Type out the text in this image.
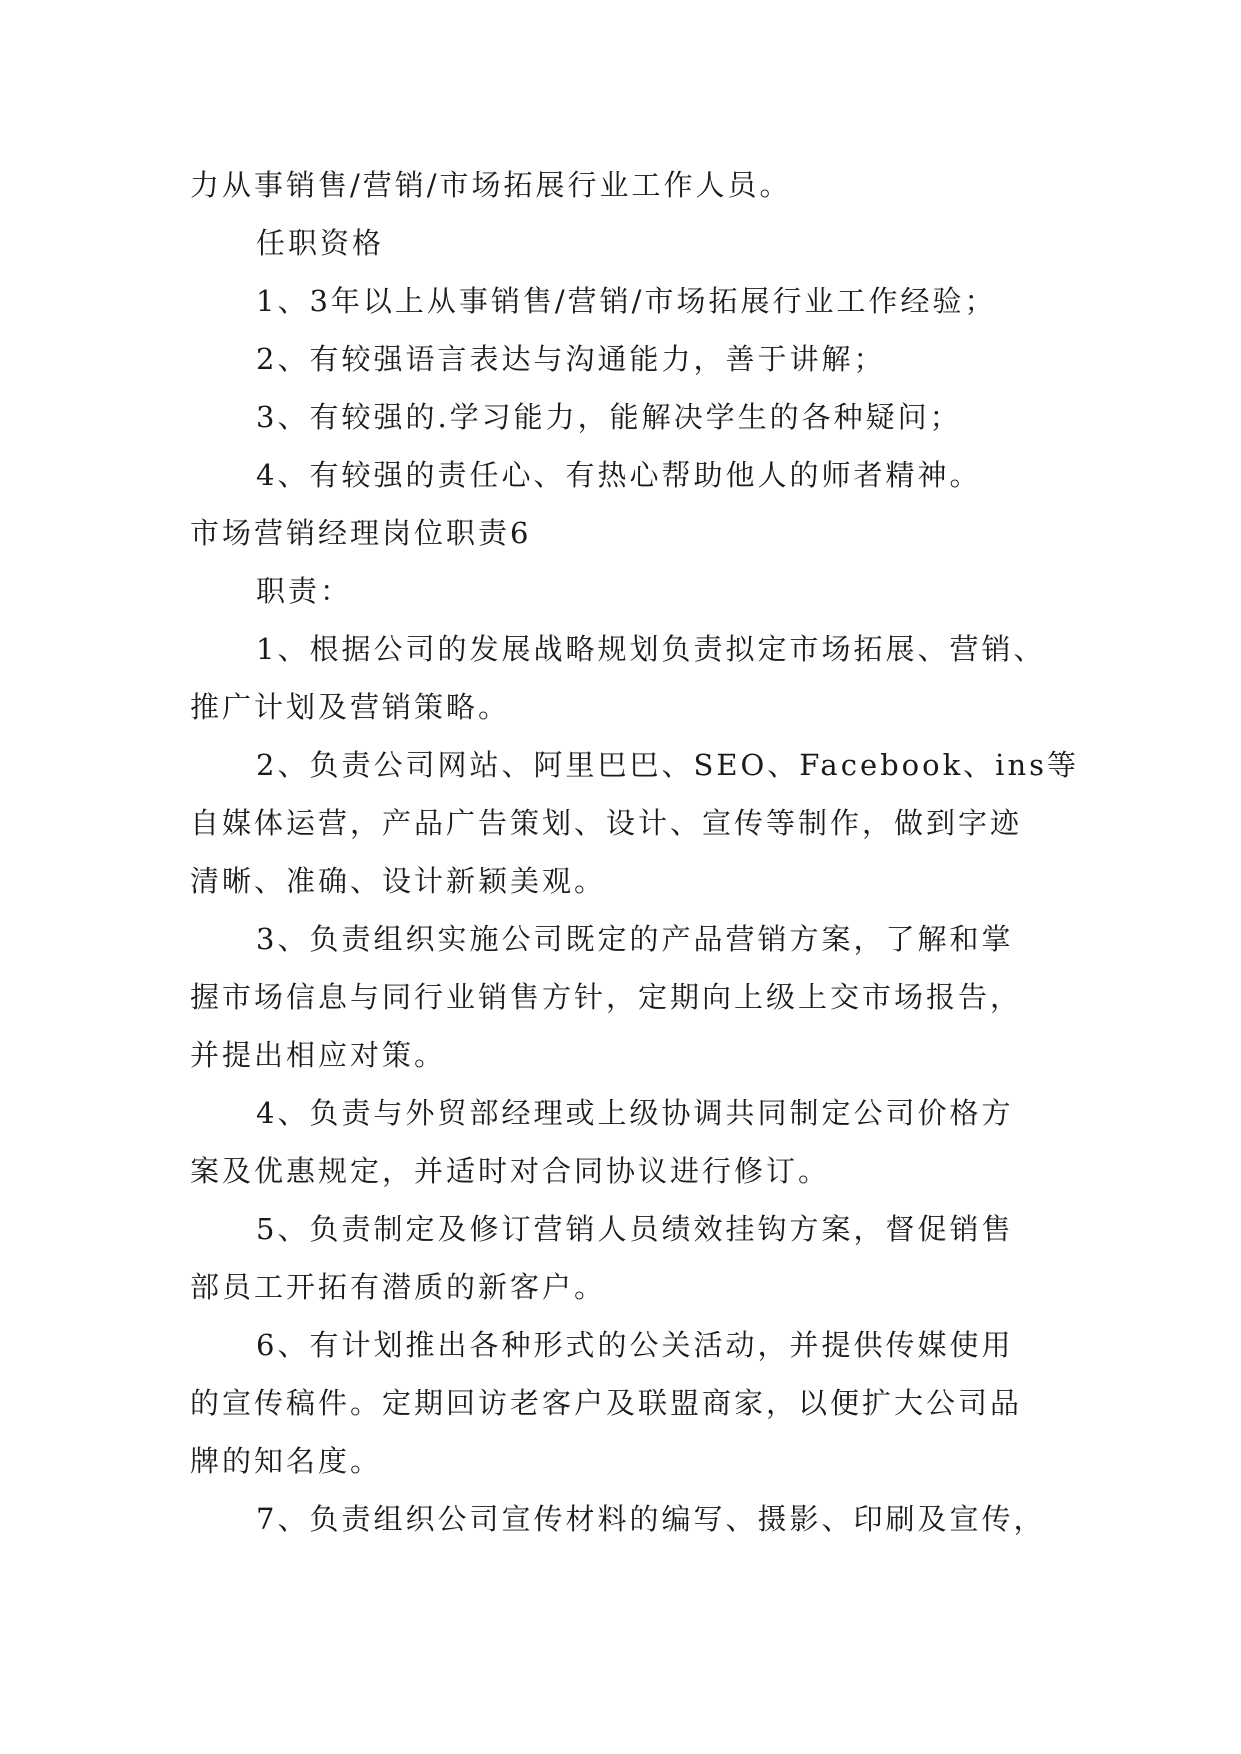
力从事销售/营销/市场拓展行业工作人员。
任职资格
1、3年以上从事销售/营销/市场拓展行业工作经验；
2、有较强语言表达与沟通能力，善于讲解；
3、有较强的.学习能力，能解决学生的各种疑问；
4、有较强的责任心、有热心帮助他人的师者精神。
市场营销经理岗位职责6
职责：
1、根据公司的发展战略规划负责拟定市场拓展、营销、
推广计划及营销策略。
2、负责公司网站、阿里巴巴、SEO、Facebook、ins等
自媒体运营，产品广告策划、设计、宣传等制作，做到字迹
清晰、准确、设计新颖美观。
3、负责组织实施公司既定的产品营销方案，了解和掌
握市场信息与同行业销售方针，定期向上级上交市场报告，
并提出相应对策。
4、负责与外贸部经理或上级协调共同制定公司价格方
案及优惠规定，并适时对合同协议进行修订。
5、负责制定及修订营销人员绩效挂钩方案，督促销售
部员工开拓有潜质的新客户。
6、有计划推出各种形式的公关活动，并提供传媒使用
的宣传稿件。定期回访老客户及联盟商家，以便扩大公司品
牌的知名度。
7、负责组织公司宣传材料的编写、摄影、印刷及宣传，
